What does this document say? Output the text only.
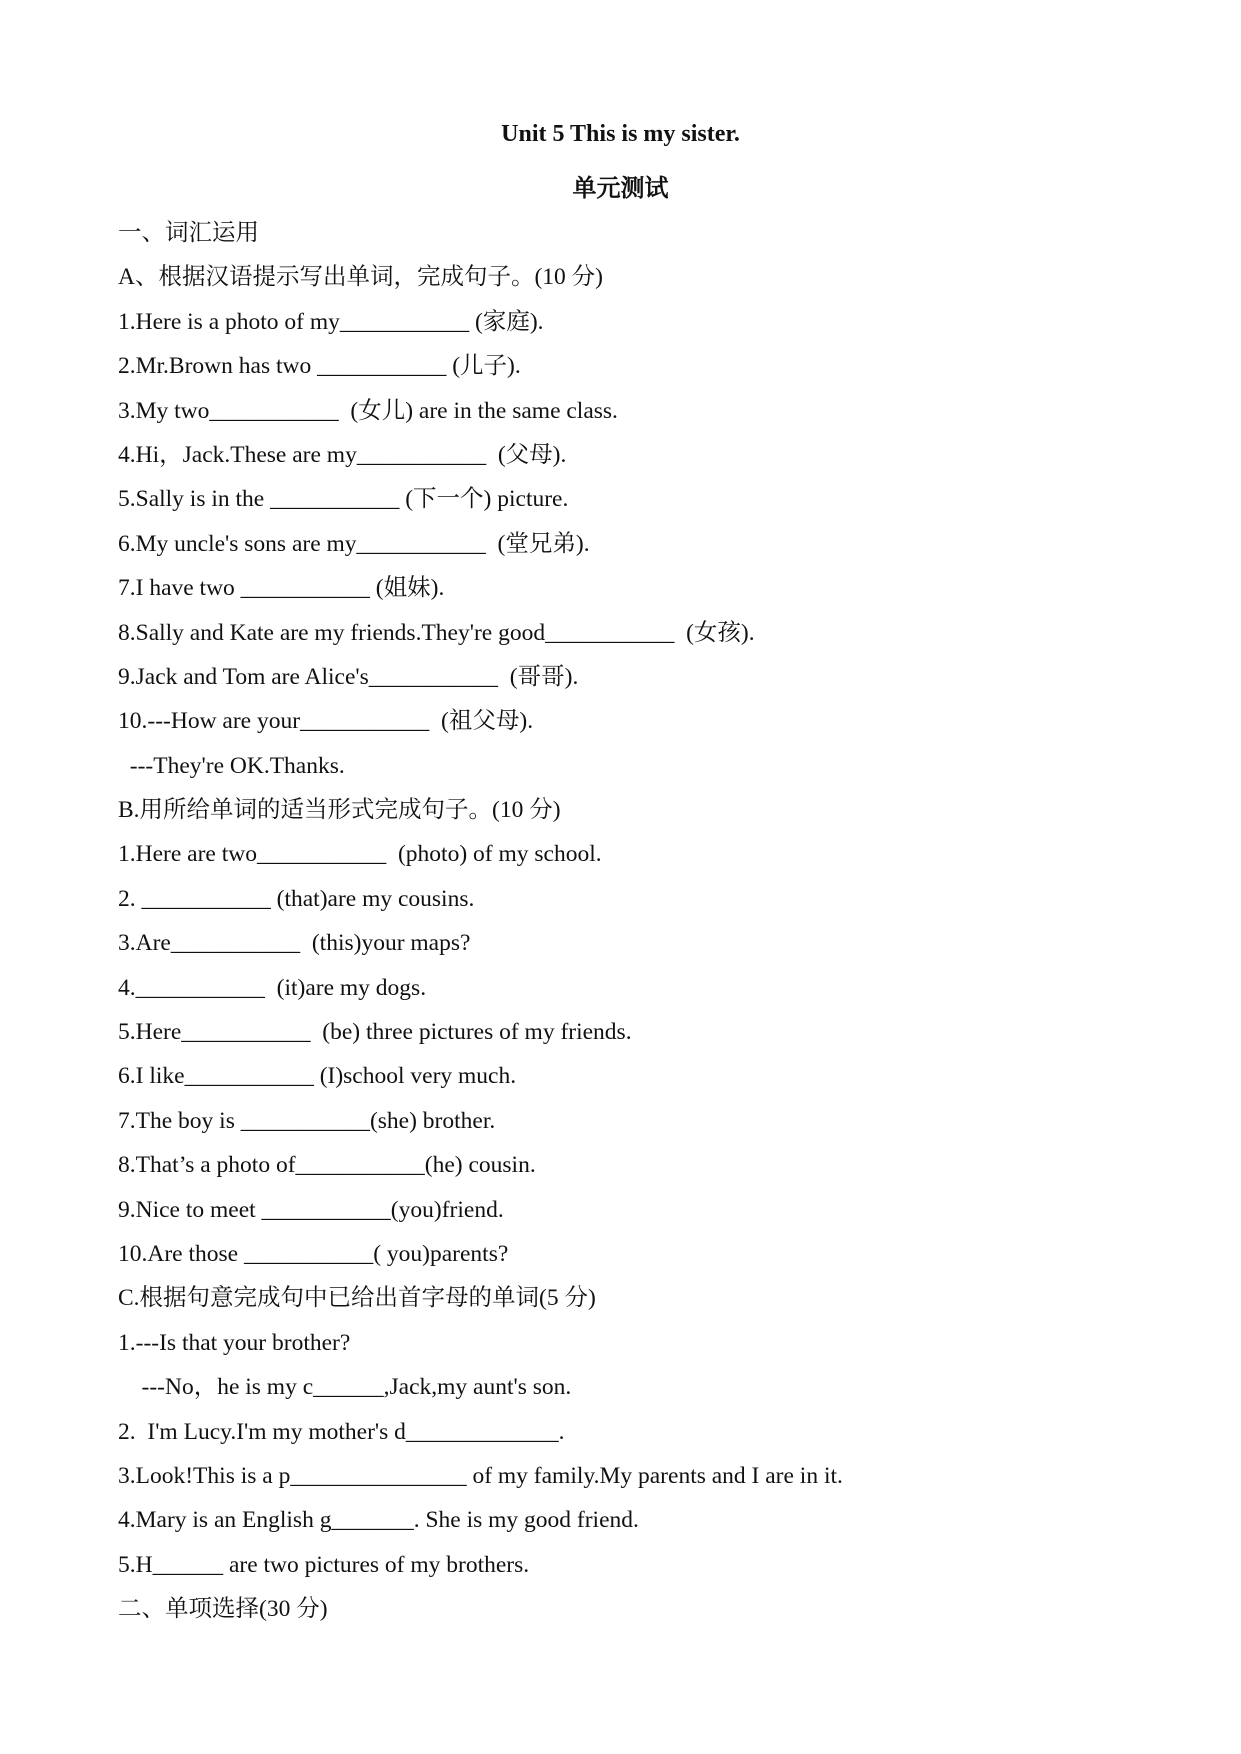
Unit 5 This is my sister.
单元测试
一、词汇运用
A、根据汉语提示写出单词，完成句子。(10 分)
1.Here is a photo of my___________ (家庭).
2.Mr.Brown has two ___________ (儿子).
3.My two___________  (女儿) are in the same class.
4.Hi，Jack.These are my___________  (父母).
5.Sally is in the ___________ (下一个) picture.
6.My uncle's sons are my___________  (堂兄弟).
7.I have two ___________ (姐妹).
8.Sally and Kate are my friends.They're good___________  (女孩).
9.Jack and Tom are Alice's___________  (哥哥).
10.---How are your___________  (祖父母).
---They're OK.Thanks.
B.用所给单词的适当形式完成句子。(10 分)
1.Here are two___________  (photo) of my school.
2. ___________ (that)are my cousins.
3.Are___________  (this)your maps?
4.___________  (it)are my dogs.
5.Here___________  (be) three pictures of my friends.
6.I like___________ (I)school very much.
7.The boy is ___________(she) brother.
8.That’s a photo of___________(he) cousin.
9.Nice to meet ___________(you)friend.
10.Are those ___________( you)parents?
C.根据句意完成句中已给出首字母的单词(5 分)
1.---Is that your brother?
---No，he is my c______,Jack,my aunt's son.
2.  I'm Lucy.I'm my mother's d_____________.
3.Look!This is a p_______________ of my family.My parents and I are in it.
4.Mary is an English g_______. She is my good friend.
5.H______ are two pictures of my brothers.
二、单项选择(30 分)
